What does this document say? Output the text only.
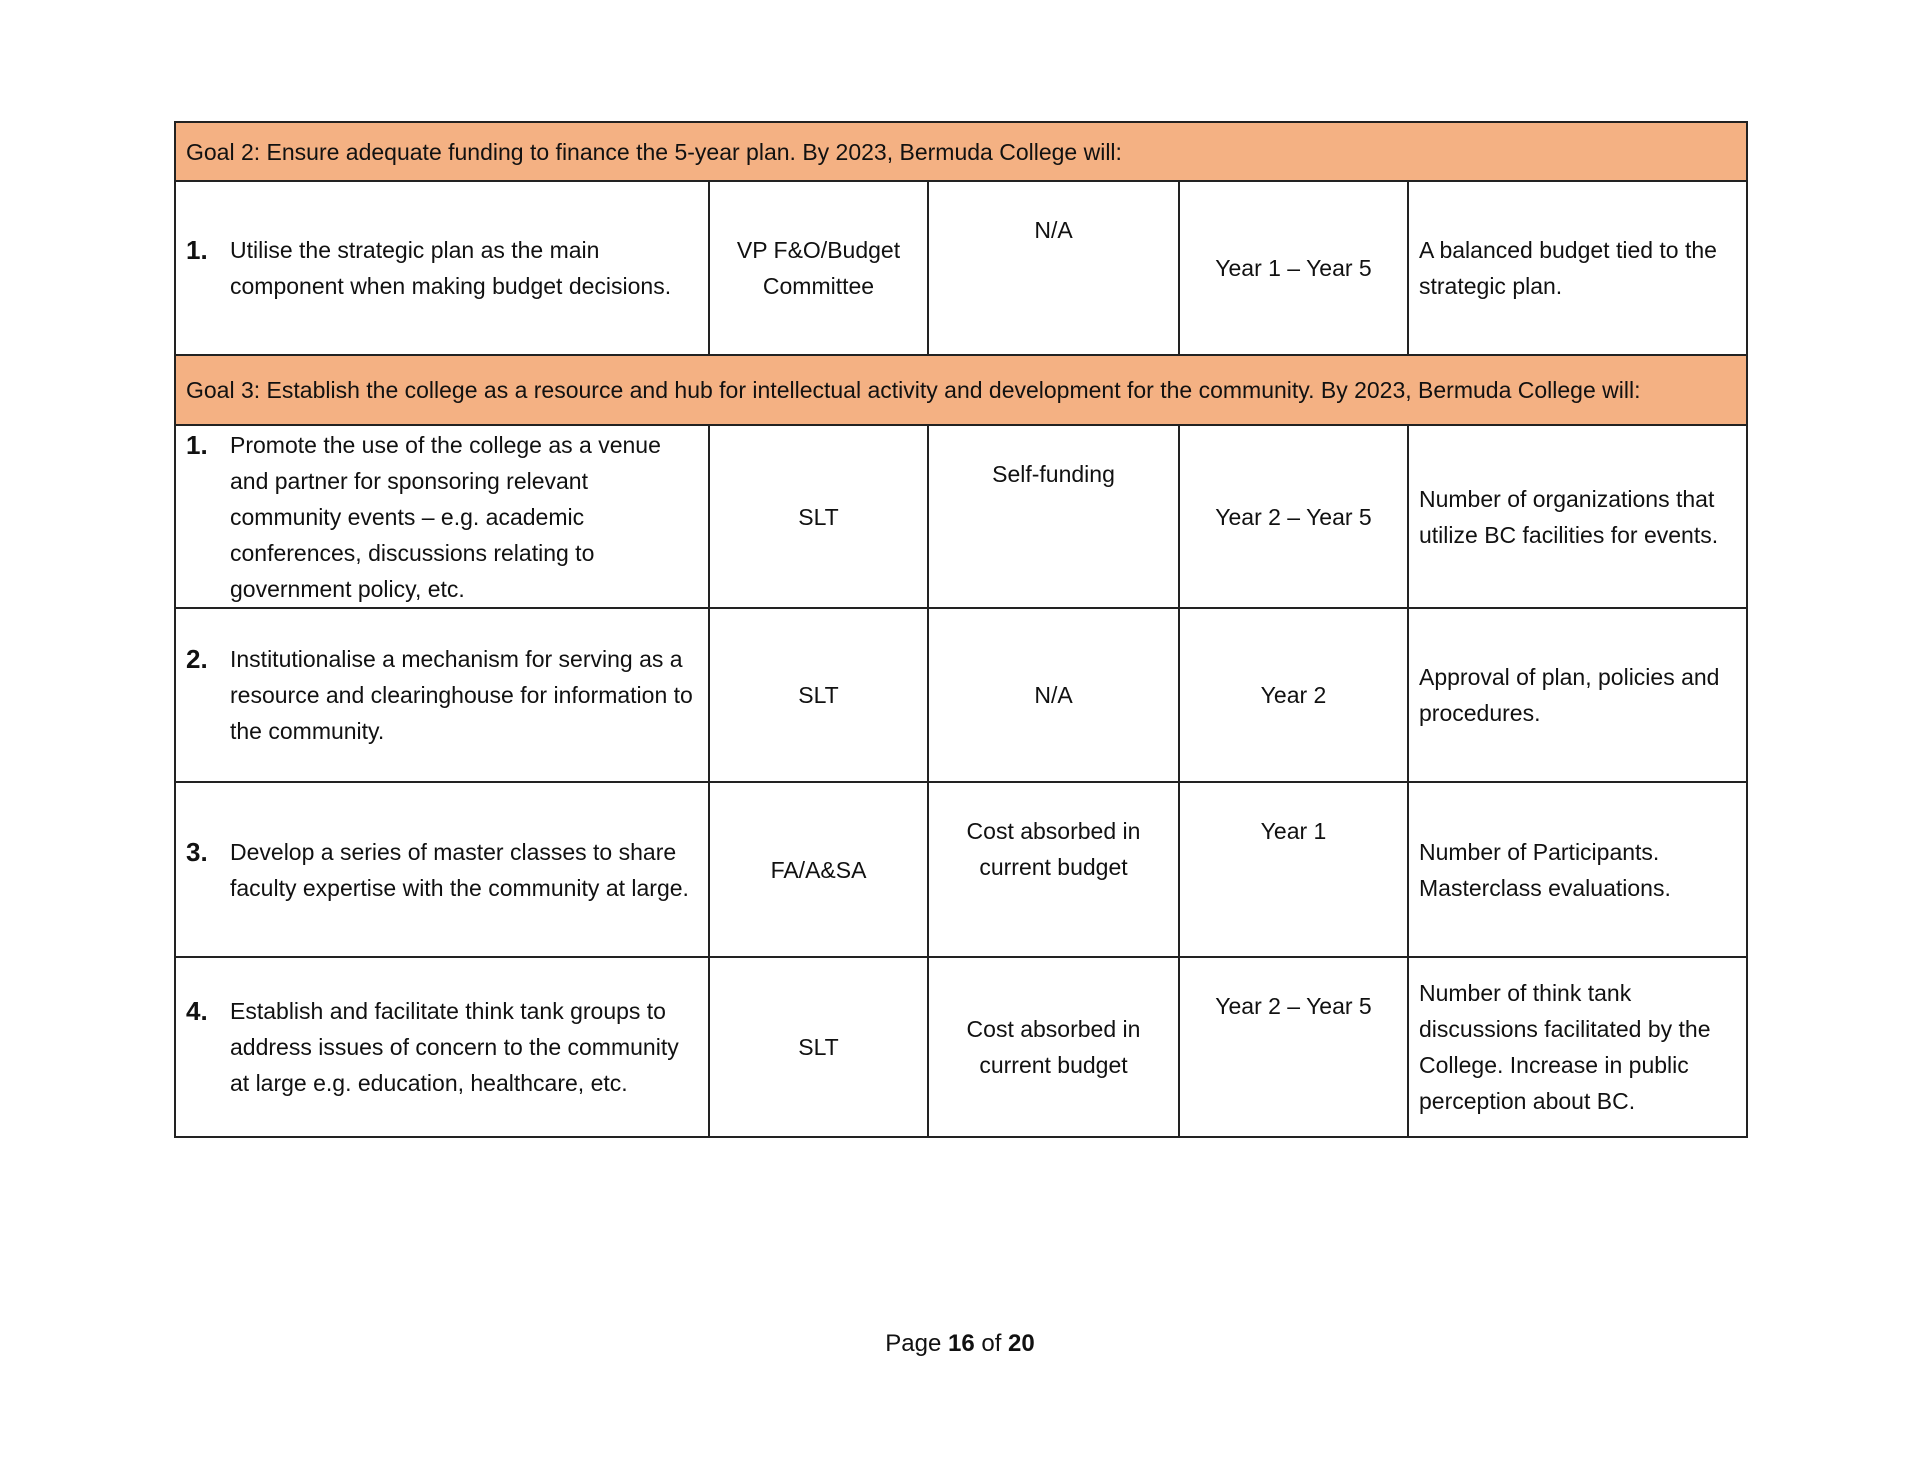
Goal 2: Ensure adequate funding to finance the 5-year plan. By 2023, Bermuda College will:				

1. Utilise the strategic plan as the main component when making budget decisions.	VP F&O/Budget Committee	N/A	Year 1 – Year 5	A balanced budget tied to the strategic plan.
Goal 3: Establish the college as a resource and hub for intellectual activity and development for the community. By 2023, Bermuda College will:				

1. Promote the use of the college as a venue and partner for sponsoring relevant community events – e.g. academic conferences, discussions relating to government policy, etc.	SLT	Self-funding	Year 2 – Year 5	Number of organizations that utilize BC facilities for events.

2. Institutionalise a mechanism for serving as a resource and clearinghouse for information to the community.	SLT	N/A	Year 2	Approval of plan, policies and procedures.

3. Develop a series of master classes to share faculty expertise with the community at large.	FA/A&SA	Cost absorbed in current budget	Year 1	Number of Participants. Masterclass evaluations.

4. Establish and facilitate think tank groups to address issues of concern to the community at large e.g. education, healthcare, etc.	SLT	Cost absorbed in current budget	Year 2 – Year 5	Number of think tank discussions facilitated by the College. Increase in public perception about BC.
Page 16 of 20
